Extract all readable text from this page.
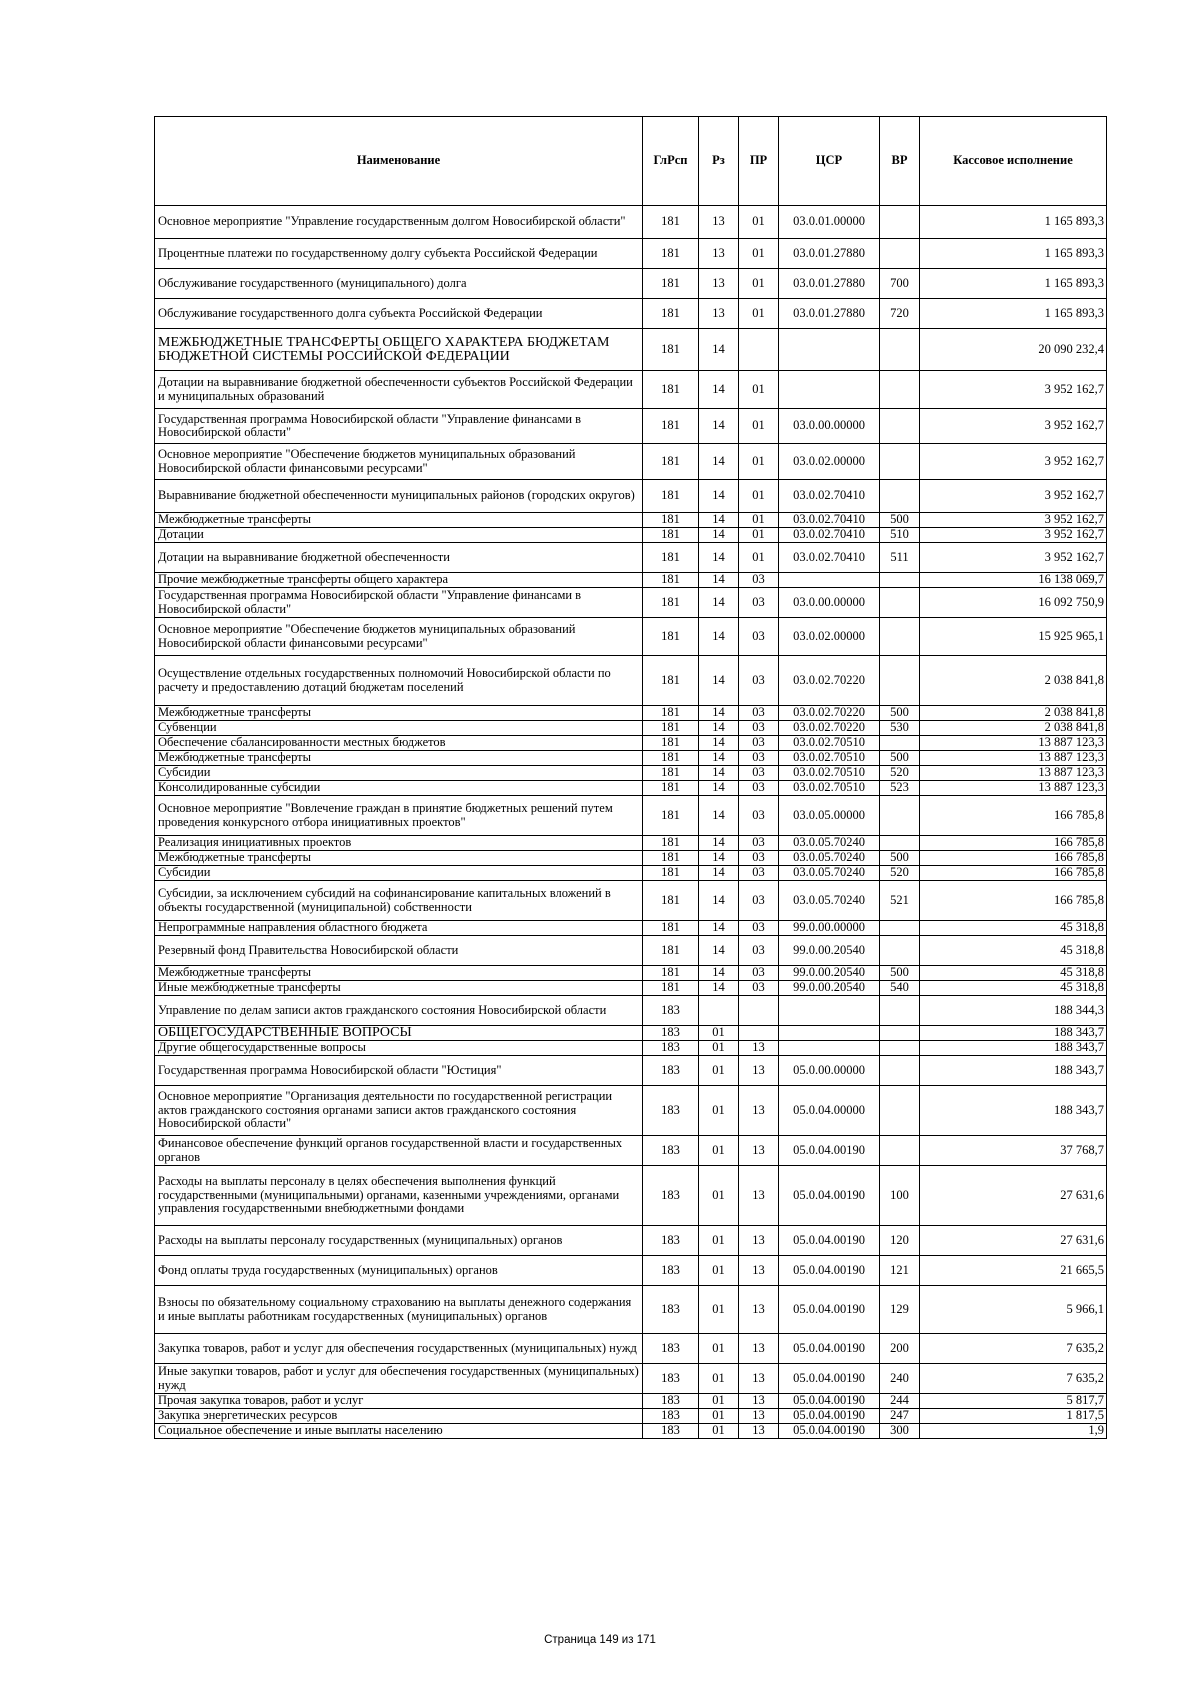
Наименование	ГлРсп	Рз	ПР	ЦСР	ВР	Кассовое исполнение
Основное мероприятие "Управление государственным долгом Новосибирской области"	181	13	01	03.0.01.00000		1 165 893,3
Процентные платежи по государственному долгу субъекта Российской Федерации	181	13	01	03.0.01.27880		1 165 893,3
Обслуживание государственного (муниципального) долга	181	13	01	03.0.01.27880	700	1 165 893,3
Обслуживание государственного долга субъекта Российской Федерации	181	13	01	03.0.01.27880	720	1 165 893,3
МЕЖБЮДЖЕТНЫЕ ТРАНСФЕРТЫ ОБЩЕГО ХАРАКТЕРА БЮДЖЕТАМ БЮДЖЕТНОЙ СИСТЕМЫ РОССИЙСКОЙ ФЕДЕРАЦИИ	181	14				20 090 232,4
Дотации на выравнивание бюджетной обеспеченности субъектов Российской Федерации и муниципальных образований	181	14	01			3 952 162,7
Государственная программа Новосибирской области "Управление финансами в Новосибирской области"	181	14	01	03.0.00.00000		3 952 162,7
Основное мероприятие "Обеспечение бюджетов муниципальных образований Новосибирской области финансовыми ресурсами"	181	14	01	03.0.02.00000		3 952 162,7
Выравнивание бюджетной обеспеченности муниципальных районов (городских округов)	181	14	01	03.0.02.70410		3 952 162,7
Межбюджетные трансферты	181	14	01	03.0.02.70410	500	3 952 162,7
Дотации	181	14	01	03.0.02.70410	510	3 952 162,7
Дотации на выравнивание бюджетной обеспеченности	181	14	01	03.0.02.70410	511	3 952 162,7
Прочие межбюджетные трансферты общего характера	181	14	03			16 138 069,7
Государственная программа Новосибирской области "Управление финансами в Новосибирской области"	181	14	03	03.0.00.00000		16 092 750,9
Основное мероприятие "Обеспечение бюджетов муниципальных образований Новосибирской области финансовыми ресурсами"	181	14	03	03.0.02.00000		15 925 965,1
Осуществление отдельных государственных полномочий Новосибирской области по расчету и предоставлению дотаций бюджетам поселений	181	14	03	03.0.02.70220		2 038 841,8
Межбюджетные трансферты	181	14	03	03.0.02.70220	500	2 038 841,8
Субвенции	181	14	03	03.0.02.70220	530	2 038 841,8
Обеспечение сбалансированности местных бюджетов	181	14	03	03.0.02.70510		13 887 123,3
Межбюджетные трансферты	181	14	03	03.0.02.70510	500	13 887 123,3
Субсидии	181	14	03	03.0.02.70510	520	13 887 123,3
Консолидированные субсидии	181	14	03	03.0.02.70510	523	13 887 123,3
Основное мероприятие "Вовлечение граждан в принятие бюджетных решений путем проведения конкурсного отбора инициативных проектов"	181	14	03	03.0.05.00000		166 785,8
Реализация инициативных проектов	181	14	03	03.0.05.70240		166 785,8
Межбюджетные трансферты	181	14	03	03.0.05.70240	500	166 785,8
Субсидии	181	14	03	03.0.05.70240	520	166 785,8
Субсидии, за исключением субсидий на софинансирование капитальных вложений в объекты государственной (муниципальной) собственности	181	14	03	03.0.05.70240	521	166 785,8
Непрограммные направления областного бюджета	181	14	03	99.0.00.00000		45 318,8
Резервный фонд Правительства Новосибирской области	181	14	03	99.0.00.20540		45 318,8
Межбюджетные трансферты	181	14	03	99.0.00.20540	500	45 318,8
Иные межбюджетные трансферты	181	14	03	99.0.00.20540	540	45 318,8
Управление по делам записи актов гражданского состояния Новосибирской области	183					188 344,3
ОБЩЕГОСУДАРСТВЕННЫЕ ВОПРОСЫ	183	01				188 343,7
Другие общегосударственные вопросы	183	01	13			188 343,7
Государственная программа Новосибирской области "Юстиция"	183	01	13	05.0.00.00000		188 343,7
Основное мероприятие "Организация деятельности по государственной регистрации актов гражданского состояния органами записи актов гражданского состояния Новосибирской области"	183	01	13	05.0.04.00000		188 343,7
Финансовое обеспечение функций органов государственной власти и государственных органов	183	01	13	05.0.04.00190		37 768,7
Расходы на выплаты персоналу в целях обеспечения выполнения функций государственными (муниципальными) органами, казенными учреждениями, органами управления государственными внебюджетными фондами	183	01	13	05.0.04.00190	100	27 631,6
Расходы на выплаты персоналу государственных (муниципальных) органов	183	01	13	05.0.04.00190	120	27 631,6
Фонд оплаты труда государственных (муниципальных) органов	183	01	13	05.0.04.00190	121	21 665,5
Взносы по обязательному социальному страхованию на выплаты денежного содержания и иные выплаты работникам государственных (муниципальных) органов	183	01	13	05.0.04.00190	129	5 966,1
Закупка товаров, работ и услуг для обеспечения государственных (муниципальных) нужд	183	01	13	05.0.04.00190	200	7 635,2
Иные закупки товаров, работ и услуг для обеспечения государственных (муниципальных) нужд	183	01	13	05.0.04.00190	240	7 635,2
Прочая закупка товаров, работ и услуг	183	01	13	05.0.04.00190	244	5 817,7
Закупка энергетических ресурсов	183	01	13	05.0.04.00190	247	1 817,5
Социальное обеспечение и иные выплаты населению	183	01	13	05.0.04.00190	300	1,9
Страница 149 из 171
